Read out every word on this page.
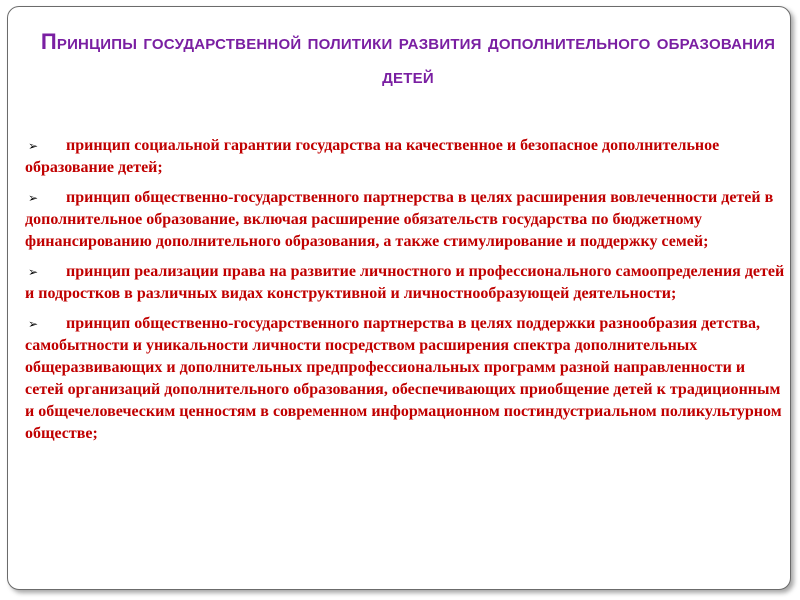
Принципы государственной политики развития дополнительного образования детей
➢ принцип социальной гарантии государства на качественное и безопасное дополнительное образование детей;
➢ принцип общественно-государственного партнерства в целях расширения вовлеченности детей в дополнительное образование, включая расширение обязательств государства по бюджетному финансированию дополнительного образования, а также стимулирование и поддержку семей;
➢ принцип реализации права на развитие личностного и профессионального самоопределения детей и подростков в различных видах конструктивной и личностнообразующей деятельности;
➢ принцип общественно-государственного партнерства в целях поддержки разнообразия детства, самобытности и уникальности личности посредством расширения спектра дополнительных общеразвивающих и дополнительных предпрофессиональных программ разной направленности и сетей организаций дополнительного образования, обеспечивающих приобщение детей к традиционным и общечеловеческим ценностям в современном информационном постиндустриальном поликультурном обществе;
